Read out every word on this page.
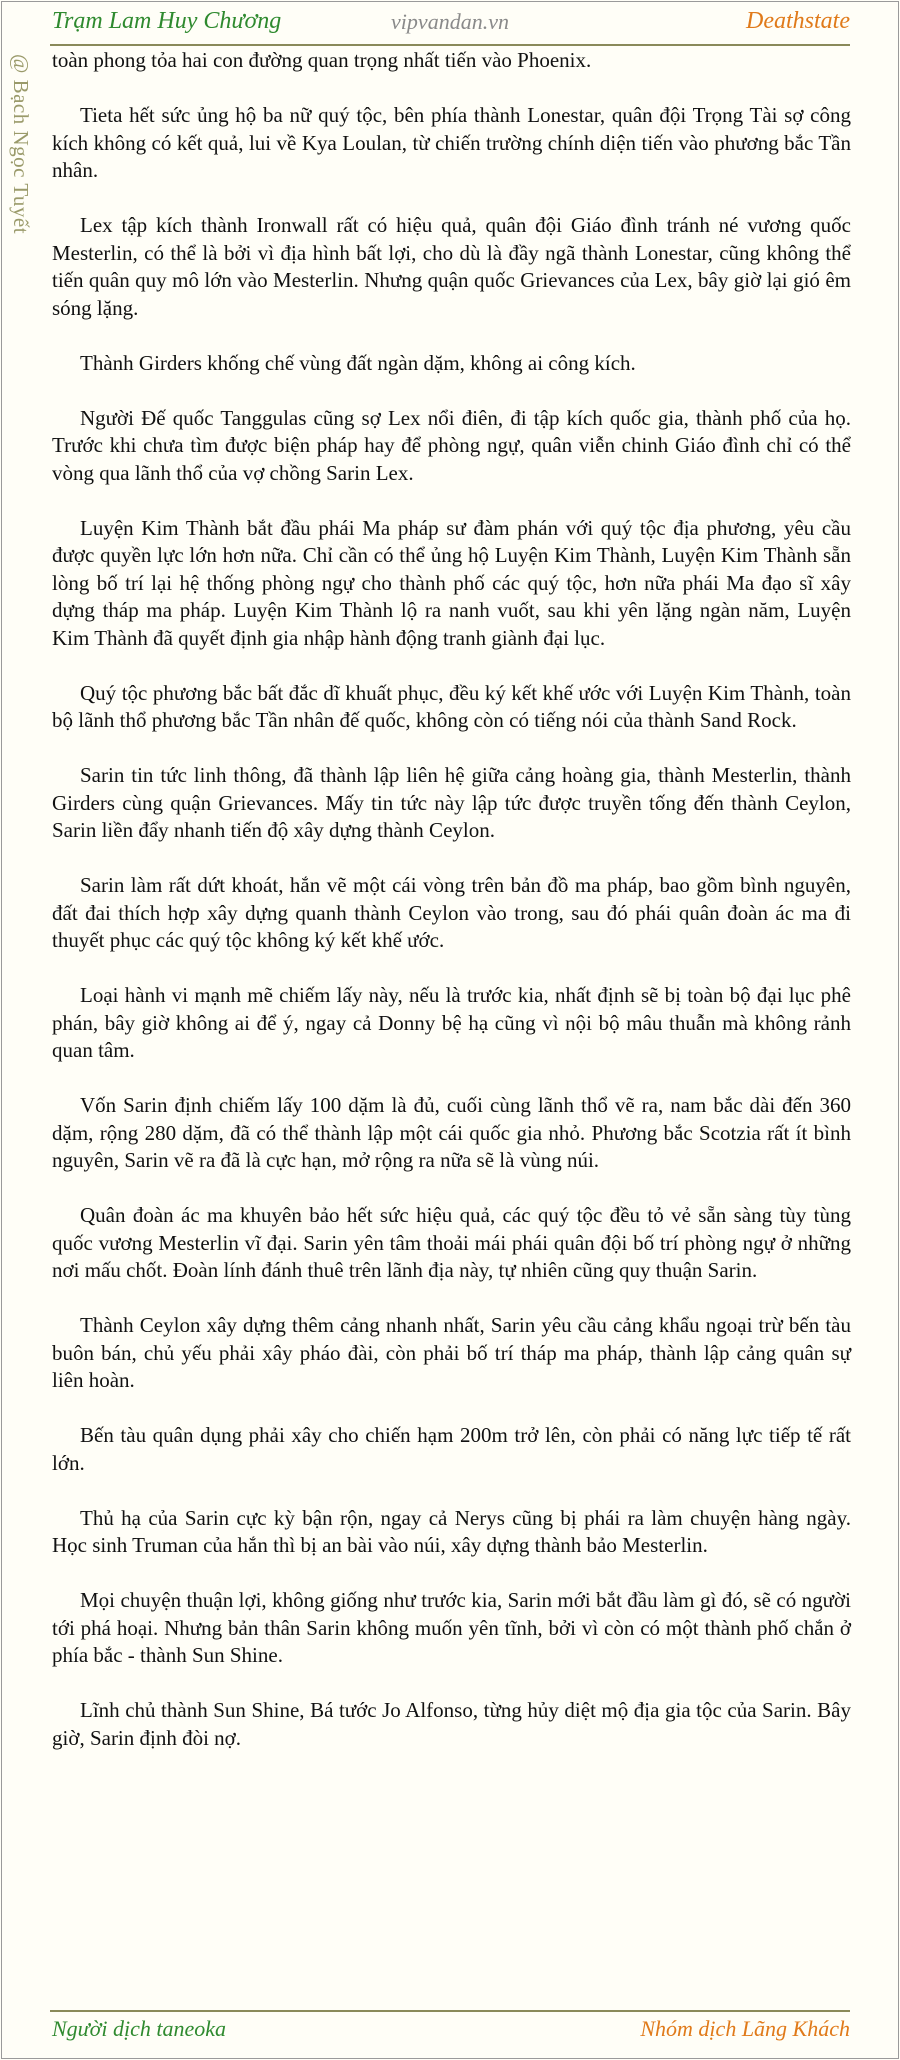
Trạm Lam Huy Chương	vipvandan.vn	Deathstate
@ Bạch Ngọc Tuyết toàn phong tỏa hai con đường quan trọng nhất tiến vào Phoenix.

Tieta hết sức ủng hộ ba nữ quý tộc, bên phía thành Lonestar, quân đội Trọng Tài sợ công kích không có kết quả, lui về Kya Loulan, từ chiến trường chính diện tiến vào phương bắc Tần nhân.

Lex tập kích thành Ironwall rất có hiệu quả, quân đội Giáo đình tránh né vương quốc Mesterlin, có thể là bởi vì địa hình bất lợi, cho dù là đầy ngã thành Lonestar, cũng không thể tiến quân quy mô lớn vào Mesterlin. Nhưng quận quốc Grievances của Lex, bây giờ lại gió êm sóng lặng.

Thành Girders khống chế vùng đất ngàn dặm, không ai công kích.

Người Đế quốc Tanggulas cũng sợ Lex nổi điên, đi tập kích quốc gia, thành phố của họ. Trước khi chưa tìm được biện pháp hay để phòng ngự, quân viễn chinh Giáo đình chỉ có thể vòng qua lãnh thổ của vợ chồng Sarin Lex.

Luyện Kim Thành bắt đầu phái Ma pháp sư đàm phán với quý tộc địa phương, yêu cầu được quyền lực lớn hơn nữa. Chỉ cần có thể ủng hộ Luyện Kim Thành, Luyện Kim Thành sẵn lòng bố trí lại hệ thống phòng ngự cho thành phố các quý tộc, hơn nữa phái Ma đạo sĩ xây dựng tháp ma pháp. Luyện Kim Thành lộ ra nanh vuốt, sau khi yên lặng ngàn năm, Luyện Kim Thành đã quyết định gia nhập hành động tranh giành đại lục.

Quý tộc phương bắc bất đắc dĩ khuất phục, đều ký kết khế ước với Luyện Kim Thành, toàn bộ lãnh thổ phương bắc Tần nhân đế quốc, không còn có tiếng nói của thành Sand Rock.

Sarin tin tức linh thông, đã thành lập liên hệ giữa cảng hoàng gia, thành Mesterlin, thành Girders cùng quận Grievances. Mấy tin tức này lập tức được truyền tống đến thành Ceylon, Sarin liền đẩy nhanh tiến độ xây dựng thành Ceylon.

Sarin làm rất dứt khoát, hắn vẽ một cái vòng trên bản đồ ma pháp, bao gồm bình nguyên, đất đai thích hợp xây dựng quanh thành Ceylon vào trong, sau đó phái quân đoàn ác ma đi thuyết phục các quý tộc không ký kết khế ước.

Loại hành vi mạnh mẽ chiếm lấy này, nếu là trước kia, nhất định sẽ bị toàn bộ đại lục phê phán, bây giờ không ai để ý, ngay cả Donny bệ hạ cũng vì nội bộ mâu thuẫn mà không rảnh quan tâm.

Vốn Sarin định chiếm lấy 100 dặm là đủ, cuối cùng lãnh thổ vẽ ra, nam bắc dài đến 360 dặm, rộng 280 dặm, đã có thể thành lập một cái quốc gia nhỏ. Phương bắc Scotzia rất ít bình nguyên, Sarin vẽ ra đã là cực hạn, mở rộng ra nữa sẽ là vùng núi.

Quân đoàn ác ma khuyên bảo hết sức hiệu quả, các quý tộc đều tỏ vẻ sẵn sàng tùy tùng quốc vương Mesterlin vĩ đại. Sarin yên tâm thoải mái phái quân đội bố trí phòng ngự ở những nơi mấu chốt. Đoàn lính đánh thuê trên lãnh địa này, tự nhiên cũng quy thuận Sarin.

Thành Ceylon xây dựng thêm cảng nhanh nhất, Sarin yêu cầu cảng khẩu ngoại trừ bến tàu buôn bán, chủ yếu phải xây pháo đài, còn phải bố trí tháp ma pháp, thành lập cảng quân sự liên hoàn.

Bến tàu quân dụng phải xây cho chiến hạm 200m trở lên, còn phải có năng lực tiếp tế rất lớn.

Thủ hạ của Sarin cực kỳ bận rộn, ngay cả Nerys cũng bị phái ra làm chuyện hàng ngày. Học sinh Truman của hắn thì bị an bài vào núi, xây dựng thành bảo Mesterlin.

Mọi chuyện thuận lợi, không giống như trước kia, Sarin mới bắt đầu làm gì đó, sẽ có người tới phá hoại. Nhưng bản thân Sarin không muốn yên tĩnh, bởi vì còn có một thành phố chắn ở phía bắc - thành Sun Shine.

Lĩnh chủ thành Sun Shine, Bá tước Jo Alfonso, từng hủy diệt mộ địa gia tộc của Sarin. Bây giờ, Sarin định đòi nợ.

Người dịch taneoka	Nhóm dịch Lãng Khách
